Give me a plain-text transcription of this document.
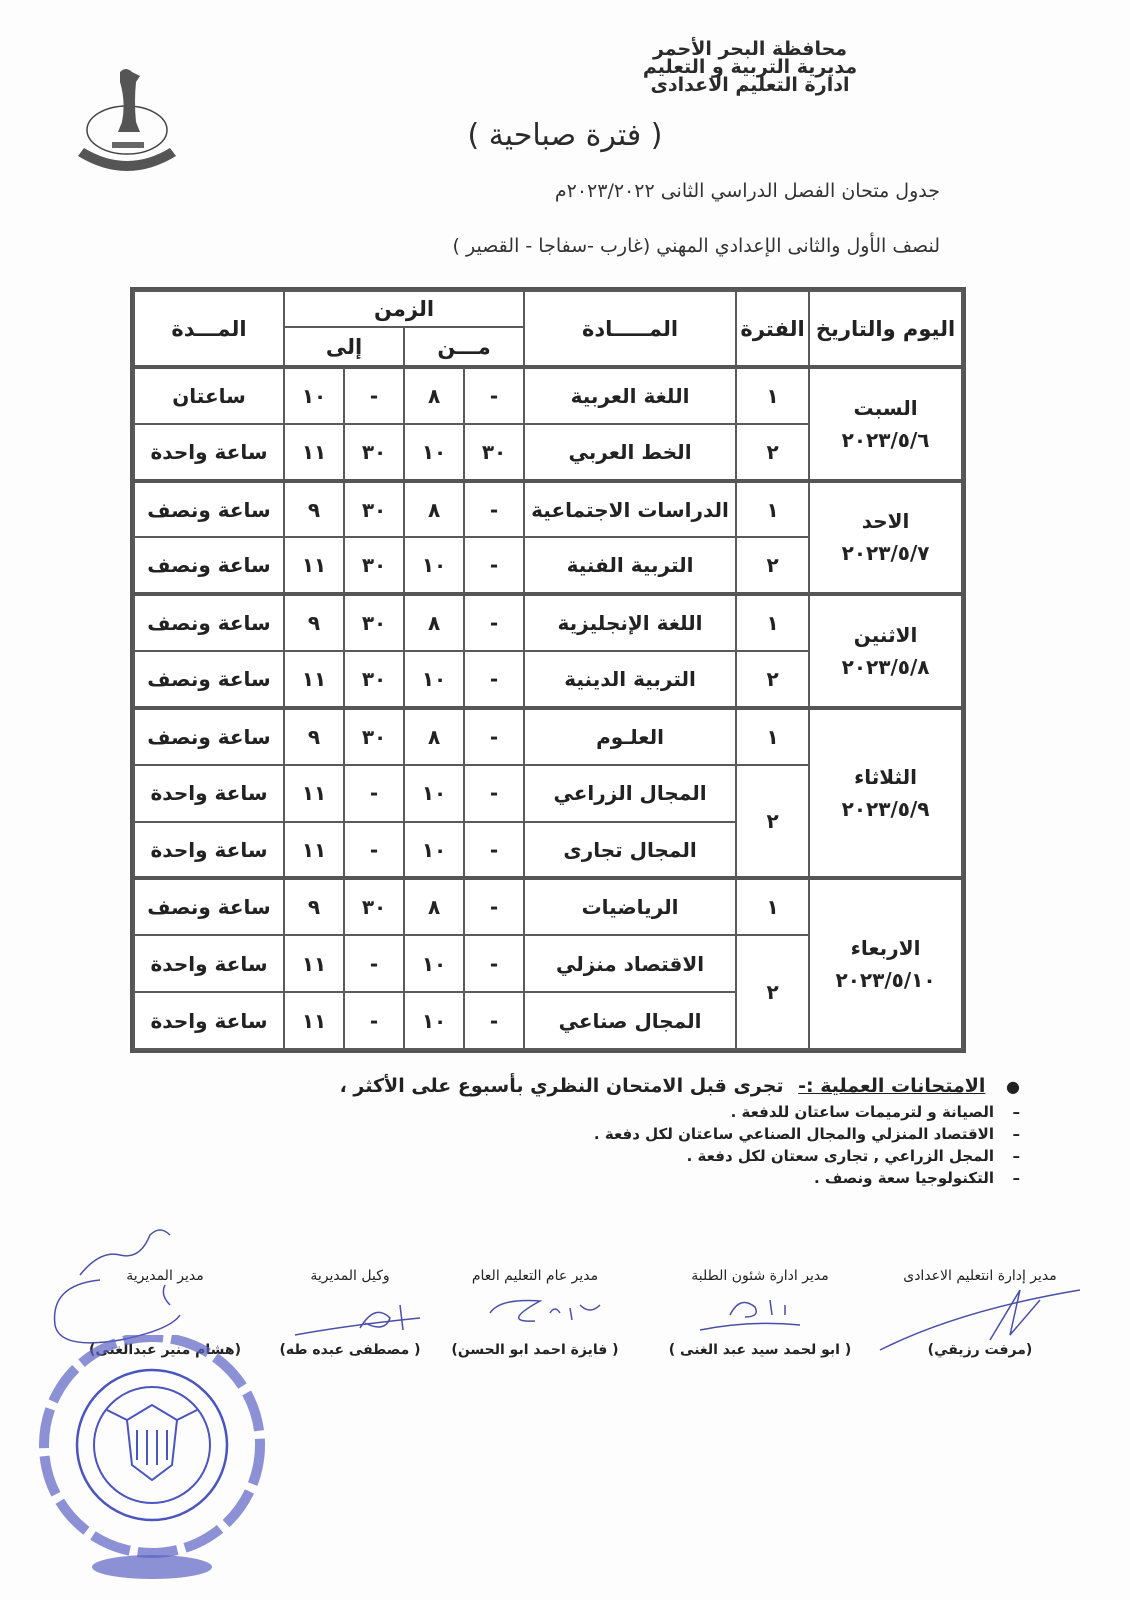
محافظة البحر الأحمر
مديرية التربية و التعليم
ادارة التعليم الاعدادى
( فترة صباحية )
جدول متحان الفصل الدراسي الثانى ٢٠٢٣/٢٠٢٢م
لنصف الأول والثانى الإعدادي المهني (غارب -سفاجا - القصير )
اليوم والتاريخ	الفترة	المـــــادة	الزمن				المـــدة
			مـــن		إلى		

السبت
٢٠٢٣/٥/٦	١	اللغة العربية	-	٨	-	١٠	ساعتان
	٢	الخط العربي	٣٠	١٠	٣٠	١١	ساعة واحدة

الاحد
٢٠٢٣/٥/٧	١	الدراسات الاجتماعية	-	٨	٣٠	٩	ساعة ونصف
	٢	التربية الفنية	-	١٠	٣٠	١١	ساعة ونصف

الاثنين
٢٠٢٣/٥/٨	١	اللغة الإنجليزية	-	٨	٣٠	٩	ساعة ونصف
	٢	التربية الدينية	-	١٠	٣٠	١١	ساعة ونصف

الثلاثاء
٢٠٢٣/٥/٩	١	العلـوم	-	٨	٣٠	٩	ساعة ونصف
	٢	المجال الزراعي	-	١٠	-	١١	ساعة واحدة
		المجال تجارى	-	١٠	-	١١	ساعة واحدة

الاربعاء
٢٠٢٣/٥/١٠	١	الرياضيات	-	٨	٣٠	٩	ساعة ونصف
	٢	الاقتصاد منزلي	-	١٠	-	١١	ساعة واحدة
		المجال صناعي	-	١٠	-	١١	ساعة واحدة
● الامتحانات العملية :- تجرى قبل الامتحان النظري بأسبوع على الأكثر ،
–الصيانة و لترميمات ساعتان للدفعة .
–الاقتصاد المنزلي والمجال الصناعي ساعتان لكل دفعة .
–المجل الزراعي , تجارى سعتان لكل دفعة .
–التكنولوجيا سعة ونصف .
مدير إدارة انتعليم الاعدادى
(مرفت رزيقي)
مدير ادارة شئون الطلبة
( ابو لحمد سيد عبد الغنى )
مدير عام التعليم العام
( فايزة احمد ابو الحسن)
وكيل المديرية
( مصطفى عبده طه)
مدير المديرية
(هشام منير عبدالغنى)
